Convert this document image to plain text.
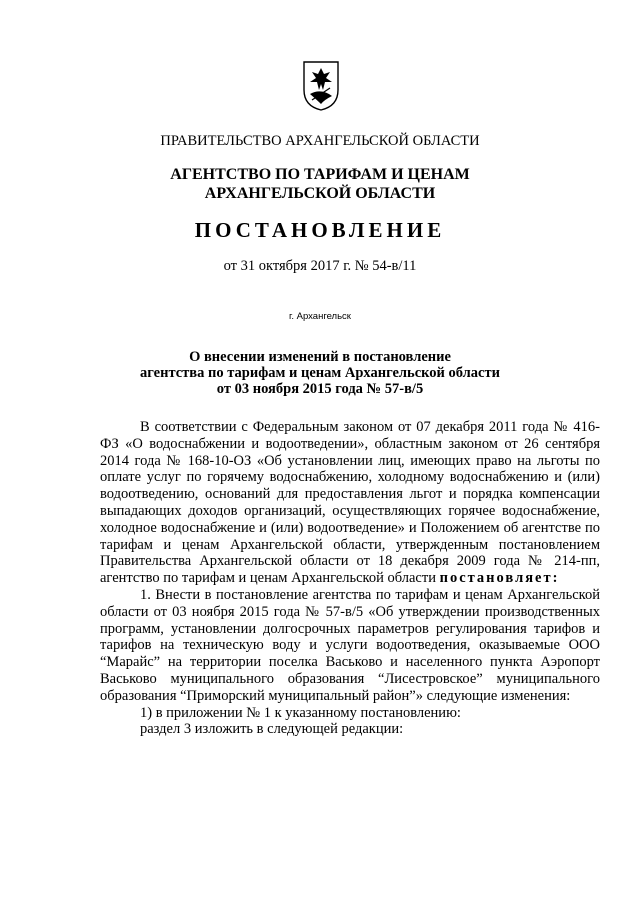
ПРАВИТЕЛЬСТВО АРХАНГЕЛЬСКОЙ ОБЛАСТИ
АГЕНТСТВО ПО ТАРИФАМ И ЦЕНАМ
АРХАНГЕЛЬСКОЙ ОБЛАСТИ
ПОСТАНОВЛЕНИЕ
от 31 октября 2017 г. № 54-в/11
г. Архангельск
О внесении изменений в постановление
агентства по тарифам и ценам Архангельской области
от 03 ноября 2015 года № 57-в/5

В соответствии с Федеральным законом от 07 декабря 2011 года № 416-ФЗ «О водоснабжении и водоотведении», областным законом от 26 сентября 2014 года № 168-10-ОЗ «Об установлении лиц, имеющих право на льготы по оплате услуг по горячему водоснабжению, холодному водоснабжению и (или) водоотведению, оснований для предоставления льгот и порядка компенсации выпадающих доходов организаций, осуществляющих горячее водоснабжение, холодное водоснабжение и (или) водоотведение» и Положением об агентстве по тарифам и ценам Архангельской области, утвержденным постановлением Правительства Архангельской области от 18 декабря 2009 года № 214-пп, агентство по тарифам и ценам Архангельской области постановляет:

1. Внести в постановление агентства по тарифам и ценам Архангельской области от 03 ноября 2015 года № 57-в/5 «Об утверждении производственных программ, установлении долгосрочных параметров регулирования тарифов и тарифов на техническую воду и услуги водоотведения, оказываемые ООО “Марайс” на территории поселка Васьково и населенного пункта Аэропорт Васьково муниципального образования “Лисестровское” муниципального образования “Приморский муниципальный район”» следующие изменения:

1) в приложении № 1 к указанному постановлению:

раздел 3 изложить в следующей редакции:
